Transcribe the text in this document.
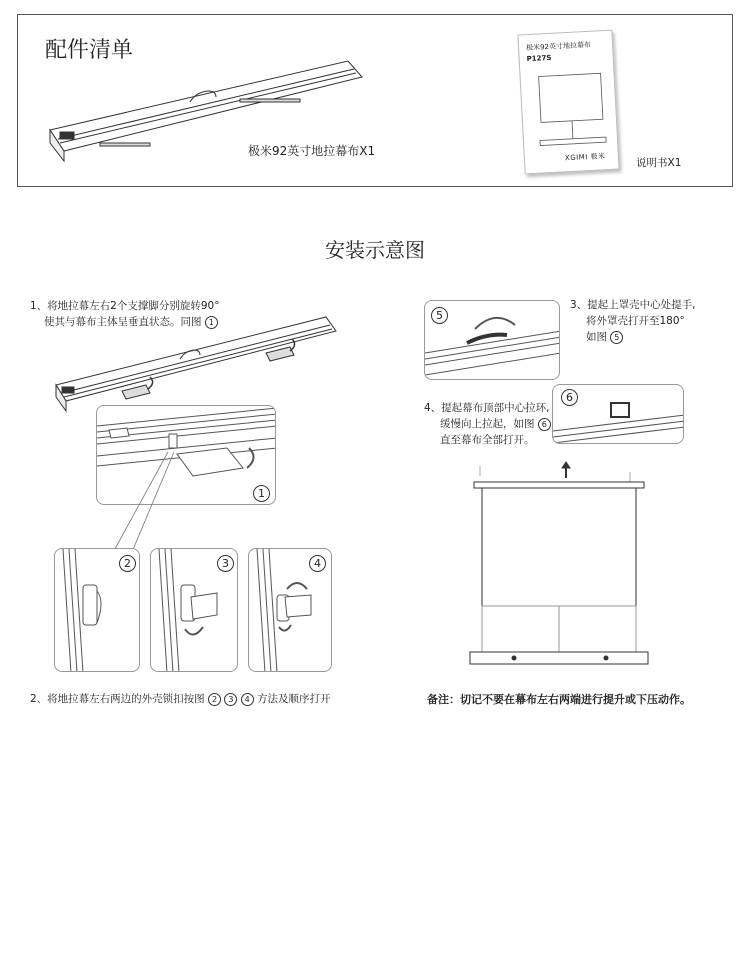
配件清单
极米92英寸地拉幕布X1
极米92英寸地拉幕布
P127S
XGIMI 极米	说明书X1
安装示意图
1、将地拉幕左右2个支撑脚分别旋转90°
使其与幕布主体呈垂直状态。同图 1
1
2	3	4
2、将地拉幕左右两边的外壳锁扣按图 2 3 4 方法及顺序打开
5
3、提起上罩壳中心处提手,
将外罩壳打开至180°
如图 5
4、提起幕布顶部中心拉环,
缓慢向上拉起，如图 6
直至幕布全部打开。
6
备注：切记不要在幕布左右两端进行提升或下压动作。
